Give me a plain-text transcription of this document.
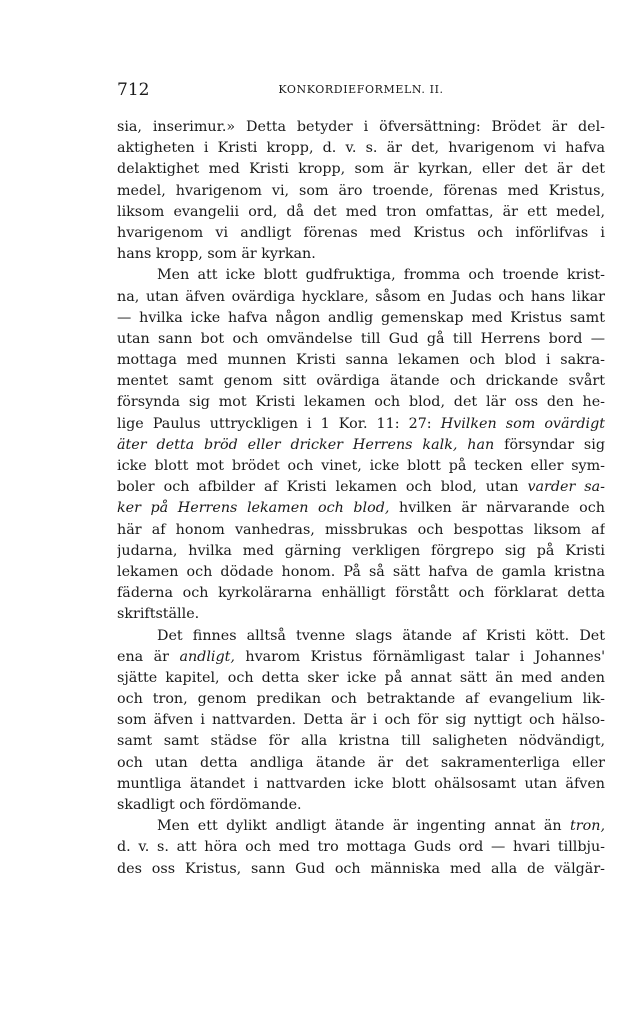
712	KONKORDIEFORMELN. II.
sia, inserimur.» Detta betyder i öfversättning: Brödet är del-
aktigheten i Kristi kropp, d. v. s. är det, hvarigenom vi hafva
delaktighet med Kristi kropp, som är kyrkan, eller det är det
medel, hvarigenom vi, som äro troende, förenas med Kristus,
liksom evangelii ord, då det med tron omfattas, är ett medel,
hvarigenom vi andligt förenas med Kristus och införlifvas i
hans kropp, som är kyrkan.
Men att icke blott gudfruktiga, fromma och troende krist-
na, utan äfven ovärdiga hycklare, såsom en Judas och hans likar
— hvilka icke hafva någon andlig gemenskap med Kristus samt
utan sann bot och omvändelse till Gud gå till Herrens bord —
mottaga med munnen Kristi sanna lekamen och blod i sakra-
mentet samt genom sitt ovärdiga ätande och drickande svårt
försynda sig mot Kristi lekamen och blod, det lär oss den he-
lige Paulus uttryckligen i 1 Kor. 11: 27: Hvilken som ovärdigt
äter detta bröd eller dricker Herrens kalk, han försyndar sig
icke blott mot brödet och vinet, icke blott på tecken eller sym-
boler och afbilder af Kristi lekamen och blod, utan varder sa-
ker på Herrens lekamen och blod, hvilken är närvarande och
här af honom vanhedras, missbrukas och bespottas liksom af
judarna, hvilka med gärning verkligen förgrepo sig på Kristi
lekamen och dödade honom. På så sätt hafva de gamla kristna
fäderna och kyrkolärarna enhälligt förstått och förklarat detta
skriftställe.
Det finnes alltså tvenne slags ätande af Kristi kött. Det
ena är andligt, hvarom Kristus förnämligast talar i Johannes'
sjätte kapitel, och detta sker icke på annat sätt än med anden
och tron, genom predikan och betraktande af evangelium lik-
som äfven i nattvarden. Detta är i och för sig nyttigt och hälso-
samt samt städse för alla kristna till saligheten nödvändigt,
och utan detta andliga ätande är det sakramenterliga eller
muntliga ätandet i nattvarden icke blott ohälsosamt utan äfven
skadligt och fördömande.
Men ett dylikt andligt ätande är ingenting annat än tron,
d. v. s. att höra och med tro mottaga Guds ord — hvari tillbju-
des oss Kristus, sann Gud och människa med alla de välgär-
